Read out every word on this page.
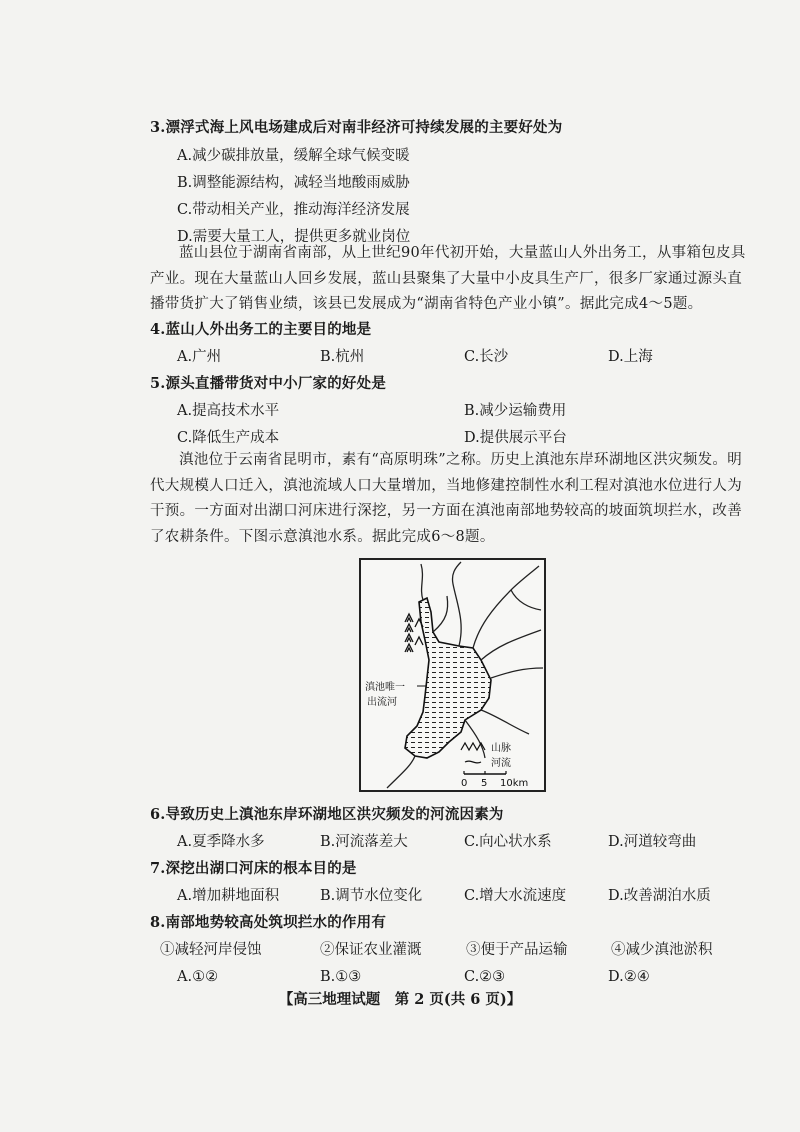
3.漂浮式海上风电场建成后对南非经济可持续发展的主要好处为
A.减少碳排放量，缓解全球气候变暖
B.调整能源结构，减轻当地酸雨威胁
C.带动相关产业，推动海洋经济发展
D.需要大量工人，提供更多就业岗位
蓝山县位于湖南省南部，从上世纪90年代初开始，大量蓝山人外出务工，从事箱包皮具产业。现在大量蓝山人回乡发展，蓝山县聚集了大量中小皮具生产厂，很多厂家通过源头直播带货扩大了销售业绩，该县已发展成为“湖南省特色产业小镇”。据此完成4～5题。
4.蓝山人外出务工的主要目的地是
A.广州	B.杭州	C.长沙	D.上海
5.源头直播带货对中小厂家的好处是
A.提高技术水平	B.减少运输费用
C.降低生产成本	D.提供展示平台
滇池位于云南省昆明市，素有“高原明珠”之称。历史上滇池东岸环湖地区洪灾频发。明代大规模人口迁入，滇池流域人口大量增加，当地修建控制性水利工程对滇池水位进行人为干预。一方面对出湖口河床进行深挖，另一方面在滇池南部地势较高的坡面筑坝拦水，改善了农耕条件。下图示意滇池水系。据此完成6～8题。
滇池唯一
出流河
山脉
河流
0 5 10km
6.导致历史上滇池东岸环湖地区洪灾频发的河流因素为
A.夏季降水多	B.河流落差大	C.向心状水系	D.河道较弯曲
7.深挖出湖口河床的根本目的是
A.增加耕地面积	B.调节水位变化	C.增大水流速度	D.改善湖泊水质
8.南部地势较高处筑坝拦水的作用有
①减轻河岸侵蚀	②保证农业灌溉	③便于产品运输	④减少滇池淤积
A.①②	B.①③	C.②③	D.②④
【高三地理试题　第 2 页(共 6 页)】
